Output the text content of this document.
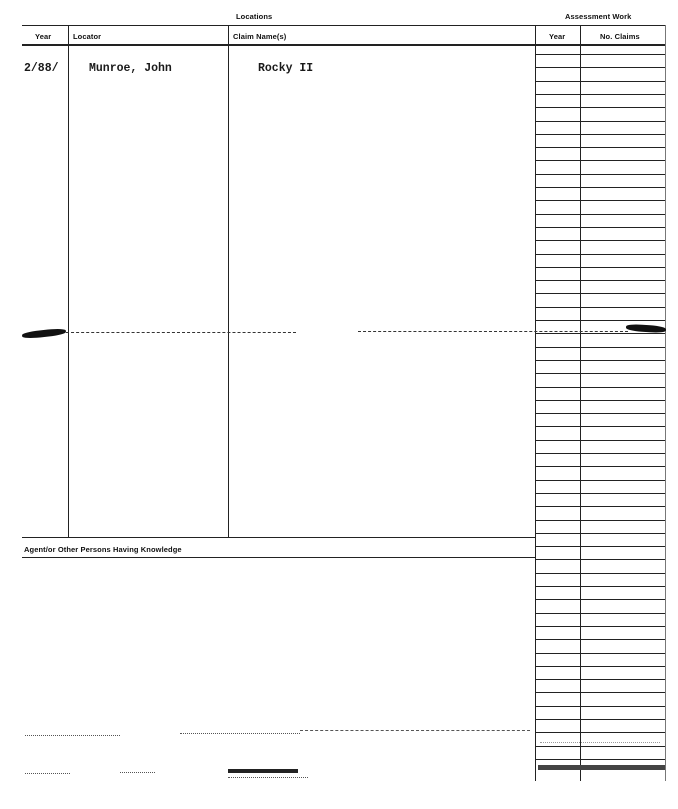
Locations	Assessment Work
Year	Locator	Claim Name(s)	Year	No. Claims
2/88/	Munroe, John	Rocky II
Agent/or Other Persons Having Knowledge
